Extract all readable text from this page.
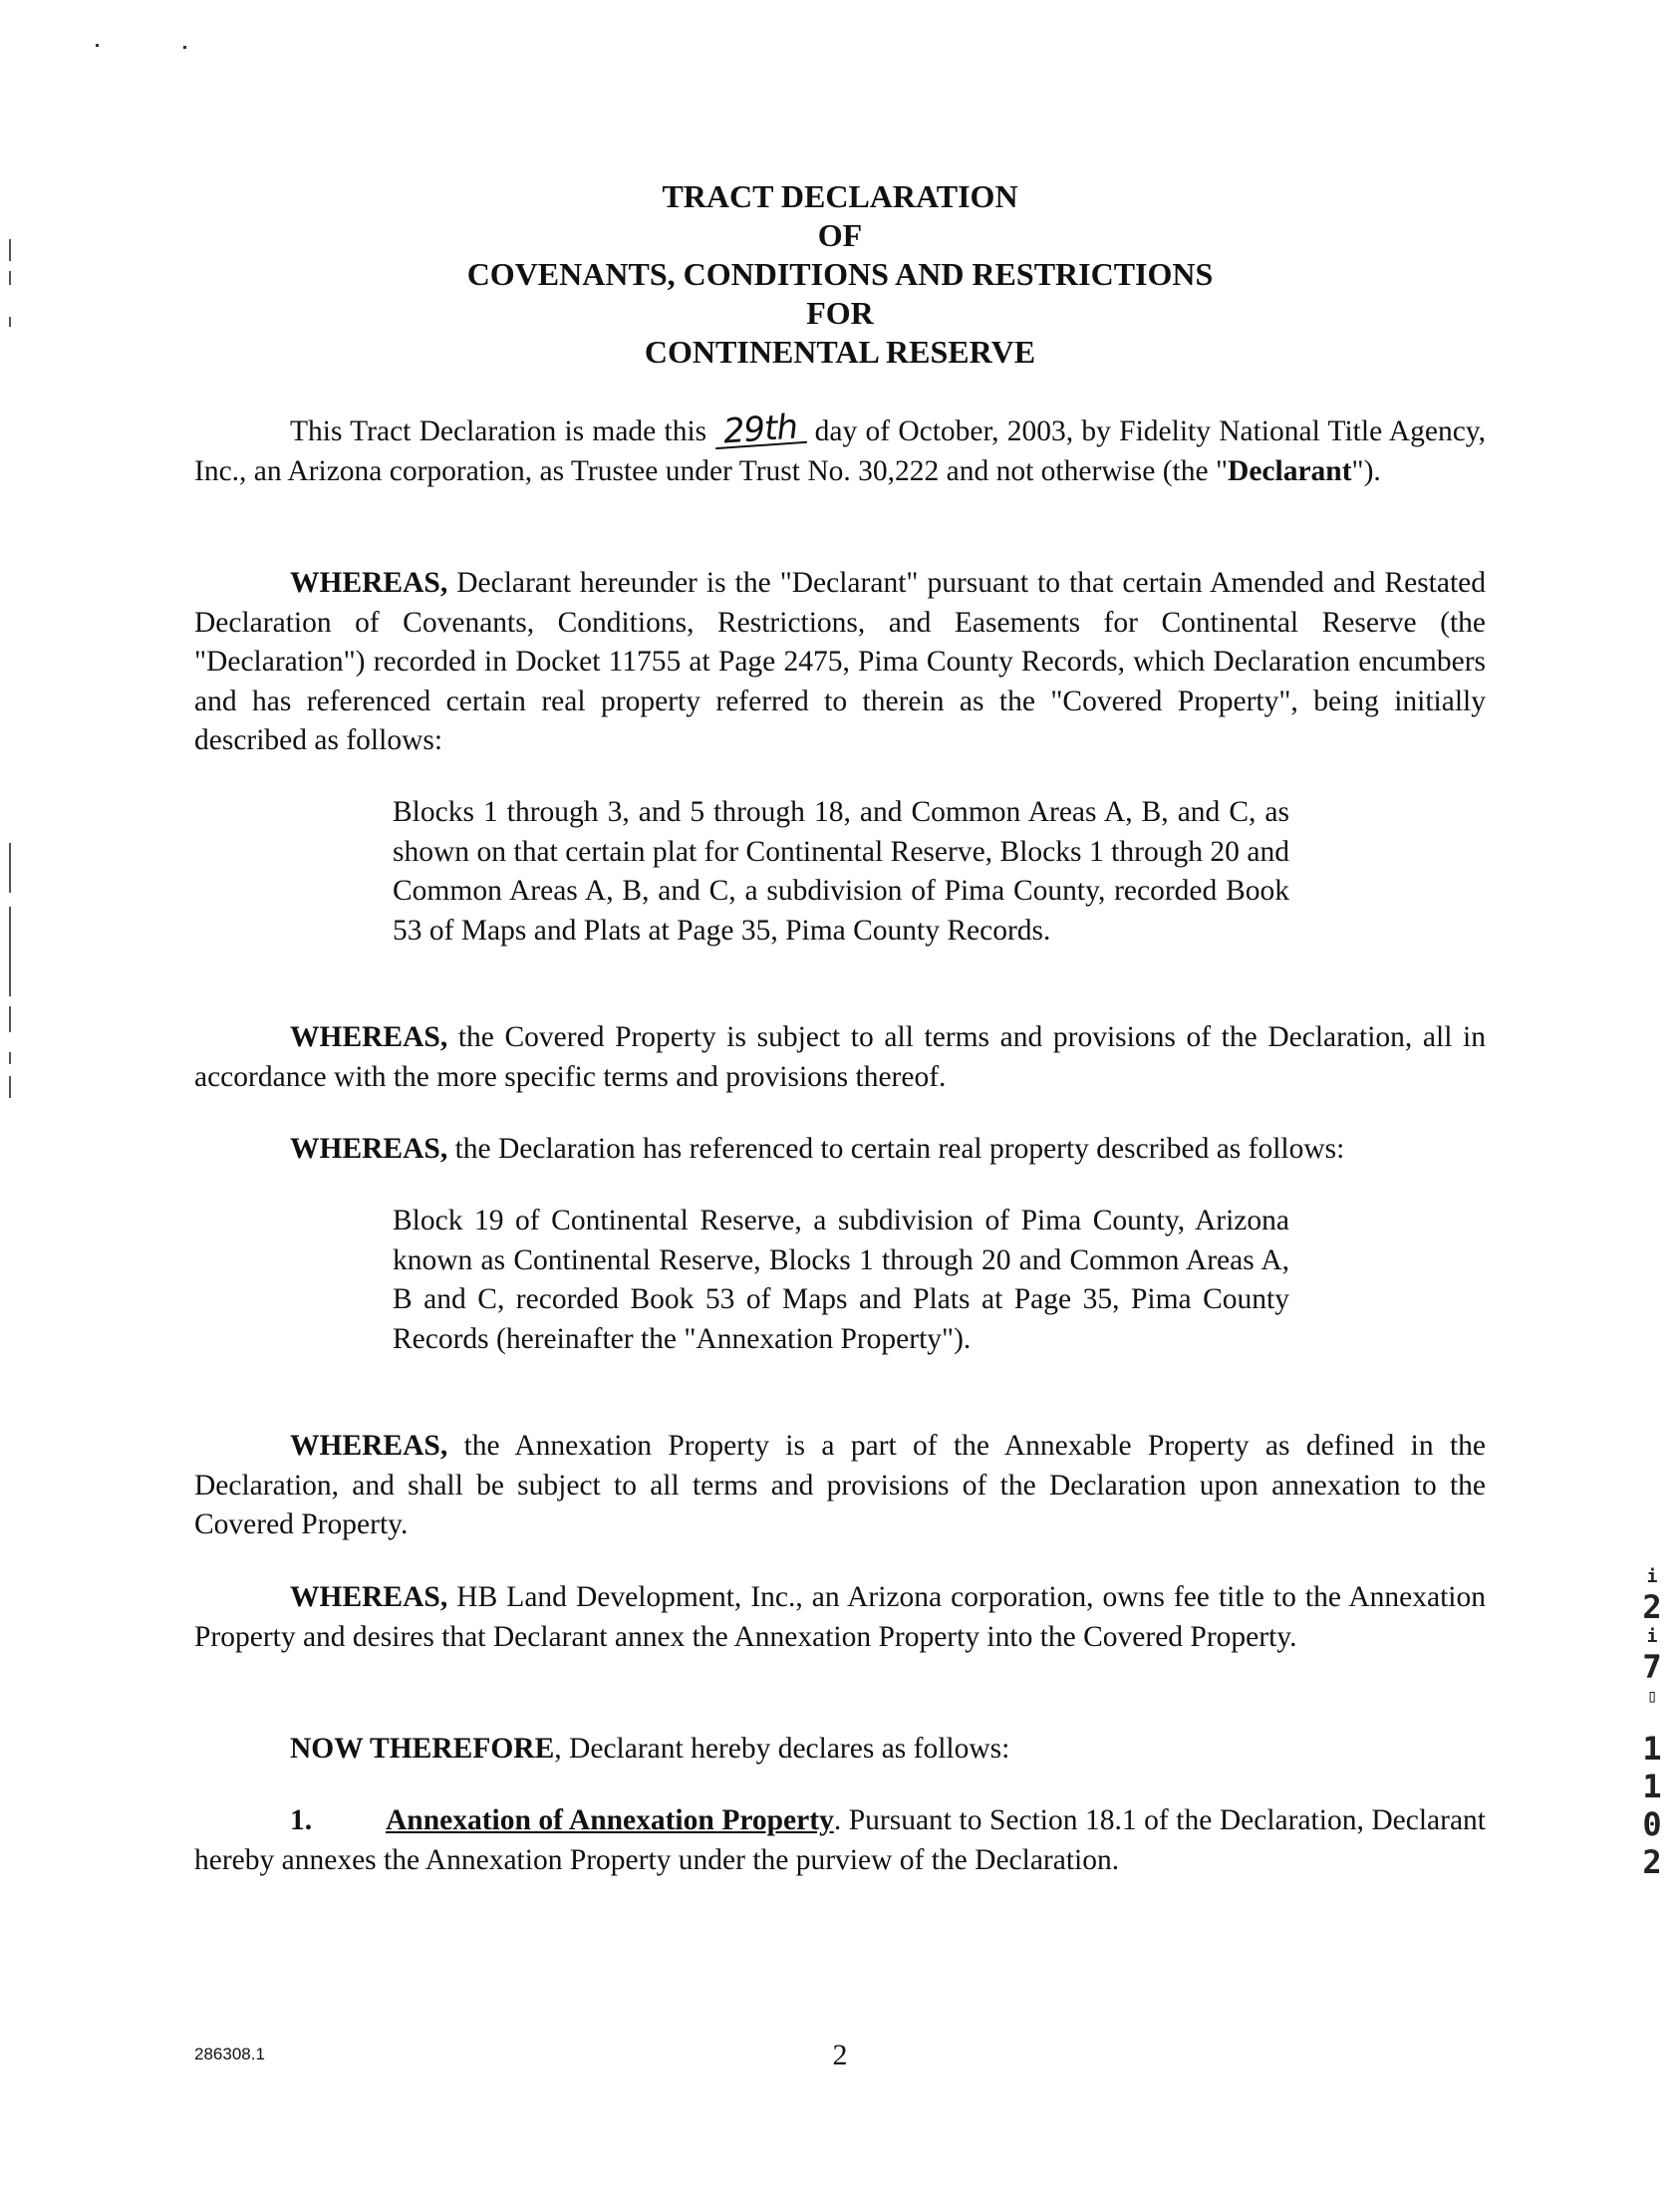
TRACT DECLARATION
OF
COVENANTS, CONDITIONS AND RESTRICTIONS
FOR
CONTINENTAL RESERVE
This Tract Declaration is made this 29th day of October, 2003, by Fidelity National Title Agency, Inc., an Arizona corporation, as Trustee under Trust No. 30,222 and not otherwise (the "Declarant").
WHEREAS, Declarant hereunder is the "Declarant" pursuant to that certain Amended and Restated Declaration of Covenants, Conditions, Restrictions, and Easements for Continental Reserve (the "Declaration") recorded in Docket 11755 at Page 2475, Pima County Records, which Declaration encumbers and has referenced certain real property referred to therein as the "Covered Property", being initially described as follows:
Blocks 1 through 3, and 5 through 18, and Common Areas A, B, and C, as shown on that certain plat for Continental Reserve, Blocks 1 through 20 and Common Areas A, B, and C, a subdivision of Pima County, recorded Book 53 of Maps and Plats at Page 35, Pima County Records.
WHEREAS, the Covered Property is subject to all terms and provisions of the Declaration, all in accordance with the more specific terms and provisions thereof.
WHEREAS, the Declaration has referenced to certain real property described as follows:
Block 19 of Continental Reserve, a subdivision of Pima County, Arizona known as Continental Reserve, Blocks 1 through 20 and Common Areas A, B and C, recorded Book 53 of Maps and Plats at Page 35, Pima County Records (hereinafter the "Annexation Property").
WHEREAS, the Annexation Property is a part of the Annexable Property as defined in the Declaration, and shall be subject to all terms and provisions of the Declaration upon annexation to the Covered Property.
WHEREAS, HB Land Development, Inc., an Arizona corporation, owns fee title to the Annexation Property and desires that Declarant annex the Annexation Property into the Covered Property.
NOW THEREFORE, Declarant hereby declares as follows:
1.	Annexation of Annexation Property. Pursuant to Section 18.1 of the Declaration, Declarant hereby annexes the Annexation Property under the purview of the Declaration.
i
2
i
7
▯
1
1
0
2
286308.1	2
